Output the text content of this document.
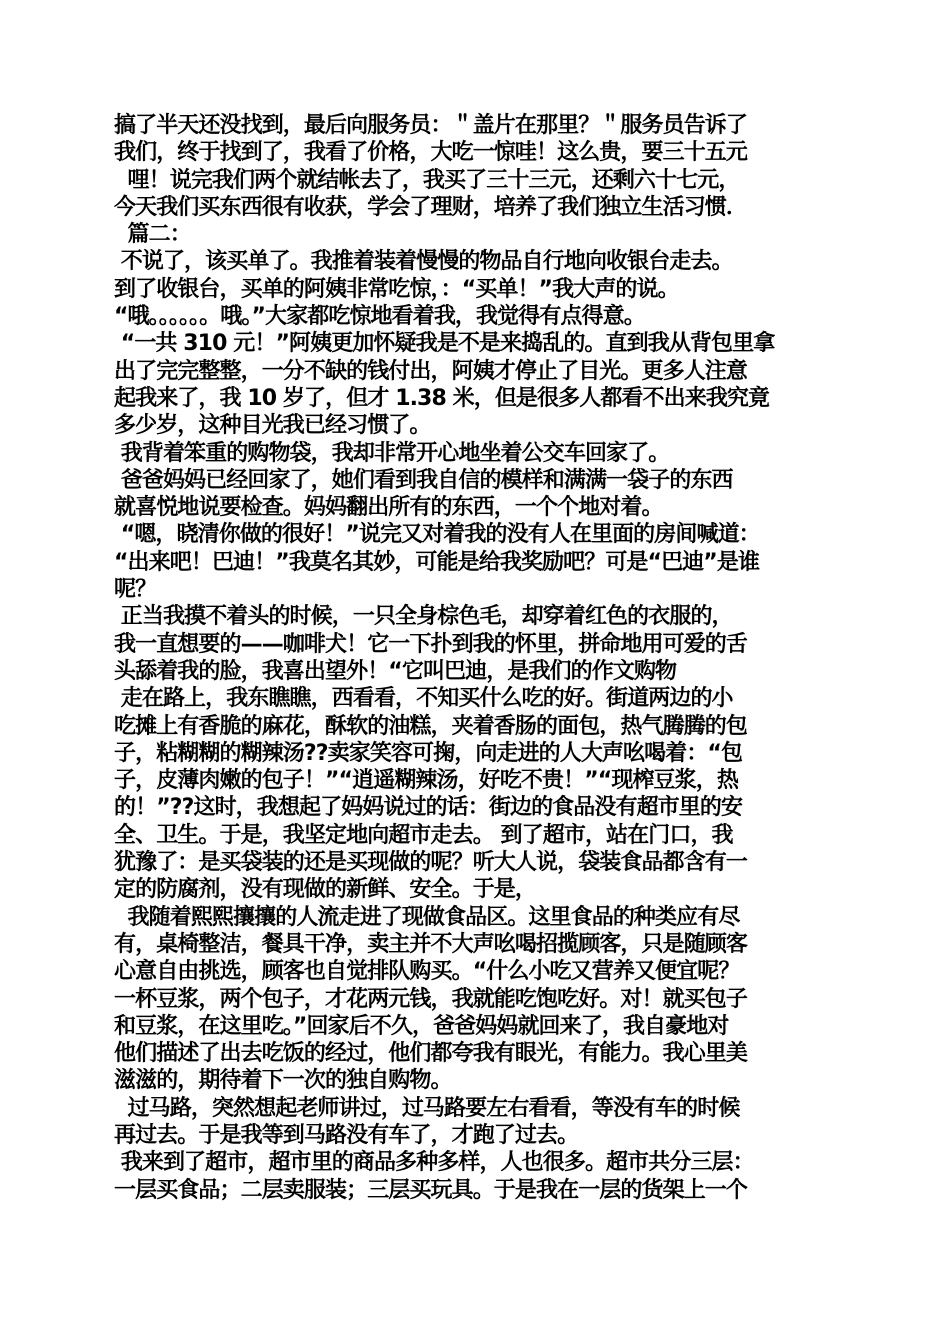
搞了半天还没找到，最后向服务员：＂盖片在那里？＂服务员告诉了
我们，终于找到了，我看了价格，大吃一惊哇！这么贵，要三十五元
哩！说完我们两个就结帐去了，我买了三十三元，还剩六十七元，
今天我们买东西很有收获，学会了理财，培养了我们独立生活习惯．
篇二：
不说了，该买单了。我推着装着慢慢的物品自行地向收银台走去。
到了收银台，买单的阿姨非常吃惊，：“买单！”我大声的说。
“哦。。。。。。哦。”大家都吃惊地看着我，我觉得有点得意。
“一共 310 元！”阿姨更加怀疑我是不是来捣乱的。直到我从背包里拿
出了完完整整，一分不缺的钱付出，阿姨才停止了目光。更多人注意
起我来了，我 10 岁了，但才 1.38 米，但是很多人都看不出来我究竟
多少岁，这种目光我已经习惯了。
我背着笨重的购物袋，我却非常开心地坐着公交车回家了。
爸爸妈妈已经回家了，她们看到我自信的模样和满满一袋子的东西
就喜悦地说要检查。妈妈翻出所有的东西，一个个地对着。
“嗯，晓清你做的很好！”说完又对着我的没有人在里面的房间喊道：
“出来吧！巴迪！”我莫名其妙，可能是给我奖励吧？可是“巴迪”是谁
呢？
正当我摸不着头的时候，一只全身棕色毛，却穿着红色的衣服的，
我一直想要的——咖啡犬！它一下扑到我的怀里，拼命地用可爱的舌
头舔着我的脸，我喜出望外！“它叫巴迪，是我们的作文购物
走在路上，我东瞧瞧，西看看，不知买什么吃的好。街道两边的小
吃摊上有香脆的麻花，酥软的油糕，夹着香肠的面包，热气腾腾的包
子，粘糊糊的糊辣汤??卖家笑容可掬，向走进的人大声吆喝着：“包
子，皮薄肉嫩的包子！”“逍遥糊辣汤，好吃不贵！”“现榨豆浆，热
的！”??这时，我想起了妈妈说过的话：街边的食品没有超市里的安
全、卫生。于是，我坚定地向超市走去。 到了超市，站在门口，我
犹豫了：是买袋装的还是买现做的呢？听大人说，袋装食品都含有一
定的防腐剂，没有现做的新鲜、安全。于是，
我随着熙熙攘攘的人流走进了现做食品区。这里食品的种类应有尽
有，桌椅整洁，餐具干净，卖主并不大声吆喝招揽顾客，只是随顾客
心意自由挑选，顾客也自觉排队购买。“什么小吃又营养又便宜呢？
一杯豆浆，两个包子，才花两元钱，我就能吃饱吃好。对！就买包子
和豆浆，在这里吃。”回家后不久，爸爸妈妈就回来了，我自豪地对
他们描述了出去吃饭的经过，他们都夸我有眼光，有能力。我心里美
滋滋的，期待着下一次的独自购物。
过马路，突然想起老师讲过，过马路要左右看看，等没有车的时候
再过去。于是我等到马路没有车了，才跑了过去。
我来到了超市，超市里的商品多种多样，人也很多。超市共分三层：
一层买食品；二层卖服装；三层买玩具。于是我在一层的货架上一个
